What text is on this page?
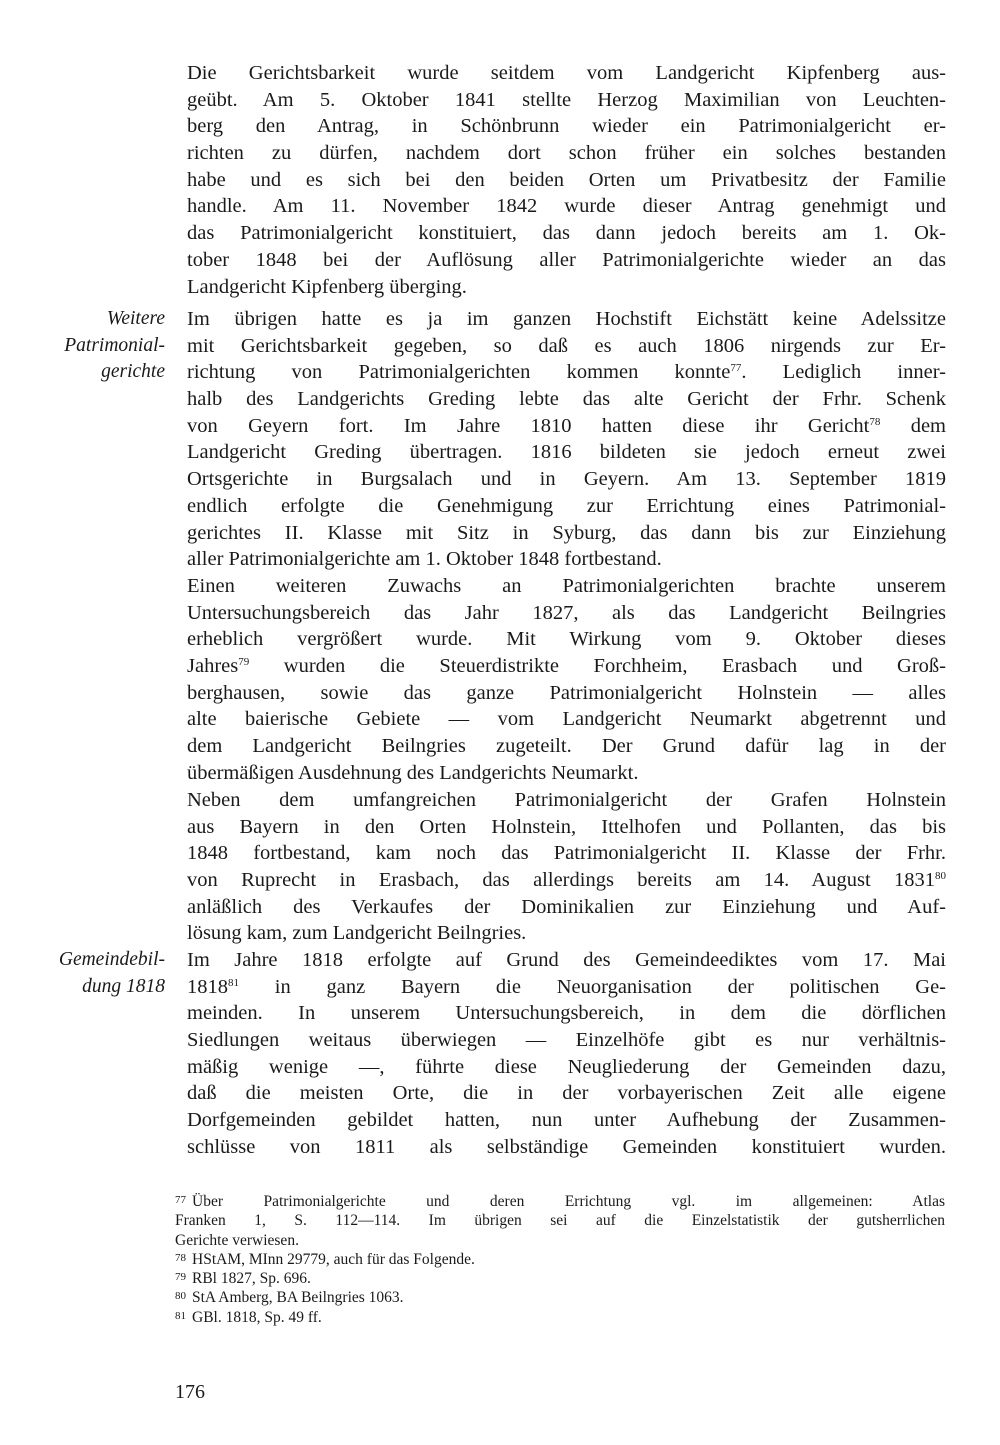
Die Gerichtsbarkeit wurde seitdem vom Landgericht Kipfenberg aus-
geübt. Am 5. Oktober 1841 stellte Herzog Maximilian von Leuchten-
berg den Antrag, in Schönbrunn wieder ein Patrimonialgericht er-
richten zu dürfen, nachdem dort schon früher ein solches bestanden
habe und es sich bei den beiden Orten um Privatbesitz der Familie
handle. Am 11. November 1842 wurde dieser Antrag genehmigt und
das Patrimonialgericht konstituiert, das dann jedoch bereits am 1. Ok-
tober 1848 bei der Auflösung aller Patrimonialgerichte wieder an das
Landgericht Kipfenberg überging.
Weitere
Patrimonial-
gerichte
Im übrigen hatte es ja im ganzen Hochstift Eichstätt keine Adelssitze
mit Gerichtsbarkeit gegeben, so daß es auch 1806 nirgends zur Er-
richtung von Patrimonialgerichten kommen konnte$^{77}$. Lediglich inner-
halb des Landgerichts Greding lebte das alte Gericht der Frhr. Schenk
von Geyern fort. Im Jahre 1810 hatten diese ihr Gericht$^{78}$ dem
Landgericht Greding übertragen. 1816 bildeten sie jedoch erneut zwei
Ortsgerichte in Burgsalach und in Geyern. Am 13. September 1819
endlich erfolgte die Genehmigung zur Errichtung eines Patrimonial-
gerichtes II. Klasse mit Sitz in Syburg, das dann bis zur Einziehung
aller Patrimonialgerichte am 1. Oktober 1848 fortbestand.
Einen weiteren Zuwachs an Patrimonialgerichten brachte unserem
Untersuchungsbereich das Jahr 1827, als das Landgericht Beilngries
erheblich vergrößert wurde. Mit Wirkung vom 9. Oktober dieses
Jahres$^{79}$ wurden die Steuerdistrikte Forchheim, Erasbach und Groß-
berghausen, sowie das ganze Patrimonialgericht Holnstein — alles
alte baierische Gebiete — vom Landgericht Neumarkt abgetrennt und
dem Landgericht Beilngries zugeteilt. Der Grund dafür lag in der
übermäßigen Ausdehnung des Landgerichts Neumarkt.
Neben dem umfangreichen Patrimonialgericht der Grafen Holnstein
aus Bayern in den Orten Holnstein, Ittelhofen und Pollanten, das bis
1848 fortbestand, kam noch das Patrimonialgericht II. Klasse der Frhr.
von Ruprecht in Erasbach, das allerdings bereits am 14. August 1831$^{80}$
anläßlich des Verkaufes der Dominikalien zur Einziehung und Auf-
lösung kam, zum Landgericht Beilngries.
Gemeindebil-
dung 1818
Im Jahre 1818 erfolgte auf Grund des Gemeindeediktes vom 17. Mai
1818$^{81}$ in ganz Bayern die Neuorganisation der politischen Ge-
meinden. In unserem Untersuchungsbereich, in dem die dörflichen
Siedlungen weitaus überwiegen — Einzelhöfe gibt es nur verhältnis-
mäßig wenige —, führte diese Neugliederung der Gemeinden dazu,
daß die meisten Orte, die in der vorbayerischen Zeit alle eigene
Dorfgemeinden gebildet hatten, nun unter Aufhebung der Zusammen-
schlüsse von 1811 als selbständige Gemeinden konstituiert wurden.
$^{77}$ Über Patrimonialgerichte und deren Errichtung vgl. im allgemeinen: Atlas
Franken 1, S. 112—114. Im übrigen sei auf die Einzelstatistik der gutsherrlichen
Gerichte verwiesen.
$^{78}$ HStAM, MInn 29779, auch für das Folgende.
$^{79}$ RBl 1827, Sp. 696.
$^{80}$ StA Amberg, BA Beilngries 1063.
$^{81}$ GBl. 1818, Sp. 49 ff.
176
